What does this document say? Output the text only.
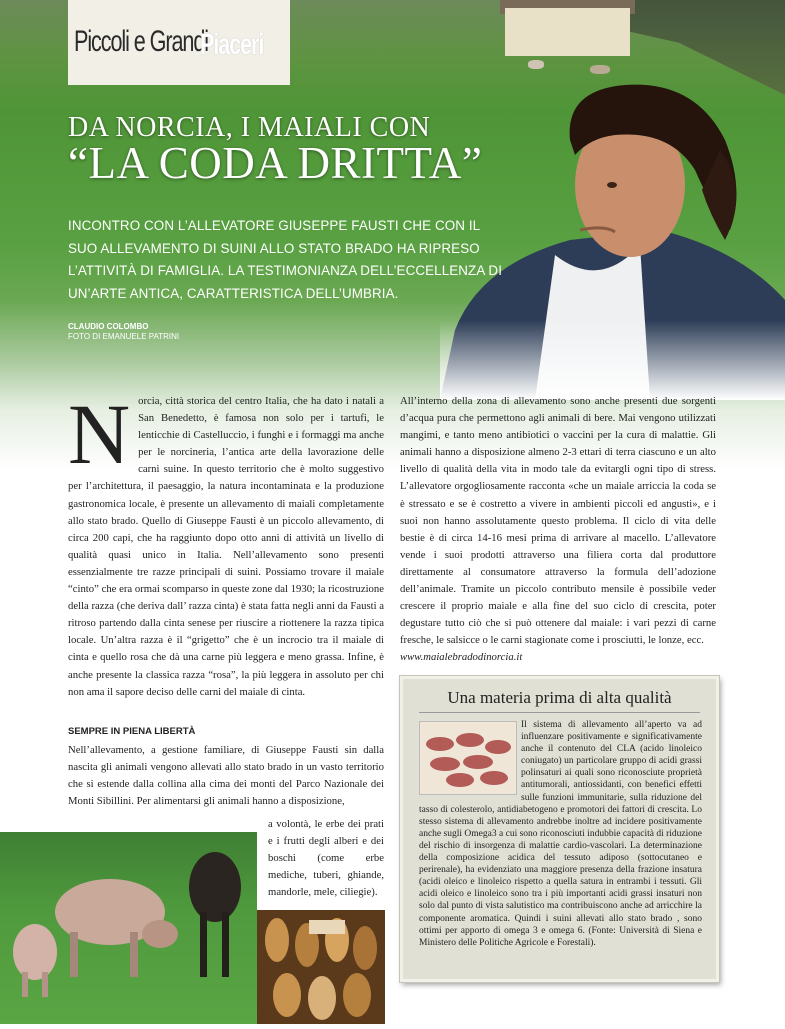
Piccoli e Grandi
Piaceri
DA NORCIA, I MAIALI CON
“LA CODA DRITTA”
INCONTRO CON L’ALLEVATORE GIUSEPPE FAUSTI CHE CON IL SUO ALLEVAMENTO DI SUINI ALLO STATO BRADO HA RIPRESO L’ATTIVITÀ DI FAMIGLIA. LA TESTIMONIANZA DELL’ECCELLENZA DI UN’ARTE ANTICA, CARATTERISTICA DELL’UMBRIA.
CLAUDIO COLOMBO
FOTO DI EMANUELE PATRINI

Norcia, città storica del centro Italia, che ha dato i natali a San Benedetto, è famosa non solo per i tartufi, le lenticchie di Castelluccio, i funghi e i formaggi ma anche per le norcineria, l’antica arte della lavorazione delle carni suine. In questo territorio che è molto suggestivo per l’architettura, il paesaggio, la natura incontaminata e la produzione gastronomica locale, è presente un allevamento di maiali completamente allo stato brado. Quello di Giuseppe Fausti è un piccolo allevamento, di circa 200 capi, che ha raggiunto dopo otto anni di attività un livello di qualità quasi unico in Italia. Nell’allevamento sono presenti essenzialmente tre razze principali di suini. Possiamo trovare il maiale “cinto” che era ormai scomparso in queste zone dal 1930; la ricostruzione della razza (che deriva dall’ razza cinta) è stata fatta negli anni da Fausti a ritroso partendo dalla cinta senese per riuscire a riottenere la razza tipica locale. Un’altra razza è il “grigetto” che è un incrocio tra il maiale di cinta e quello rosa che dà una carne più leggera e meno grassa. Infine, è anche presente la classica razza “rosa”, la più leggera in assoluto per chi non ama il sapore deciso delle carni del maiale di cinta.

SEMPRE IN PIENA LIBERTÀ

Nell’allevamento, a gestione familiare, di Giuseppe Fausti sin dalla nascita gli animali vengono allevati allo stato brado in un vasto territorio che si estende dalla collina alla cima dei monti del Parco Nazionale dei Monti Sibillini. Per alimentarsi gli animali hanno a disposizione,

a volontà, le erbe dei prati e i frutti degli alberi e dei boschi (come erbe mediche, tuberi, ghiande, mandorle, mele, ciliegie).

All’interno della zona di allevamento sono anche presenti due sorgenti d’acqua pura che permettono agli animali di bere. Mai vengono utilizzati mangimi, e tanto meno antibiotici o vaccini per la cura di malattie. Gli animali hanno a disposizione almeno 2-3 ettari di terra ciascuno e un alto livello di qualità della vita in modo tale da evitargli ogni tipo di stress. L’allevatore orgogliosamente racconta «che un maiale arriccia la coda se è stressato e se è costretto a vivere in ambienti piccoli ed angusti», e i suoi non hanno assolutamente questo problema. Il ciclo di vita delle bestie è di circa 14-16 mesi prima di arrivare al macello. L’allevatore vende i suoi prodotti attraverso una filiera corta dal produttore direttamente al consumatore attraverso la formula dell’adozione dell’animale. Tramite un piccolo contributo mensile è possibile veder crescere il proprio maiale e alla fine del suo ciclo di crescita, poter degustare tutto ciò che si può ottenere dal maiale: i vari pezzi di carne fresche, le salsicce o le carni stagionate come i prosciutti, le lonze, ecc.

www.maialebradodinorcia.it

Una materia prima di alta qualità
Il sistema di allevamento all’aperto va ad influenzare positivamente e significativamente anche il contenuto del CLA (acido linoleico coniugato) un particolare gruppo di acidi grassi polinsaturi ai quali sono riconosciute proprietà antitumorali, antiossidanti, con benefici effetti sulle funzioni immunitarie, sulla riduzione del tasso di colesterolo, antidiabetogeno e promotori dei fattori di crescita. Lo stesso sistema di allevamento andrebbe inoltre ad incidere positivamente anche sugli Omega3 a cui sono riconosciuti indubbie capacità di riduzione del rischio di insorgenza di malattie cardio-vascolari. La determinazione della composizione acidica del tessuto adiposo (sottocutaneo e perirenale), ha evidenziato una maggiore presenza della frazione insatura (acidi oleico e linoleico rispetto a quella satura in entrambi i tessuti. Gli acidi oleico e linoleico sono tra i più importanti acidi grassi insaturi non solo dal punto di vista salutistico ma contribuiscono anche ad arricchire la componente aromatica. Quindi i suini allevati allo stato brado , sono ottimi per apporto di omega 3 e omega 6. (Fonte: Università di Siena e Ministero delle Politiche Agricole e Forestali).
